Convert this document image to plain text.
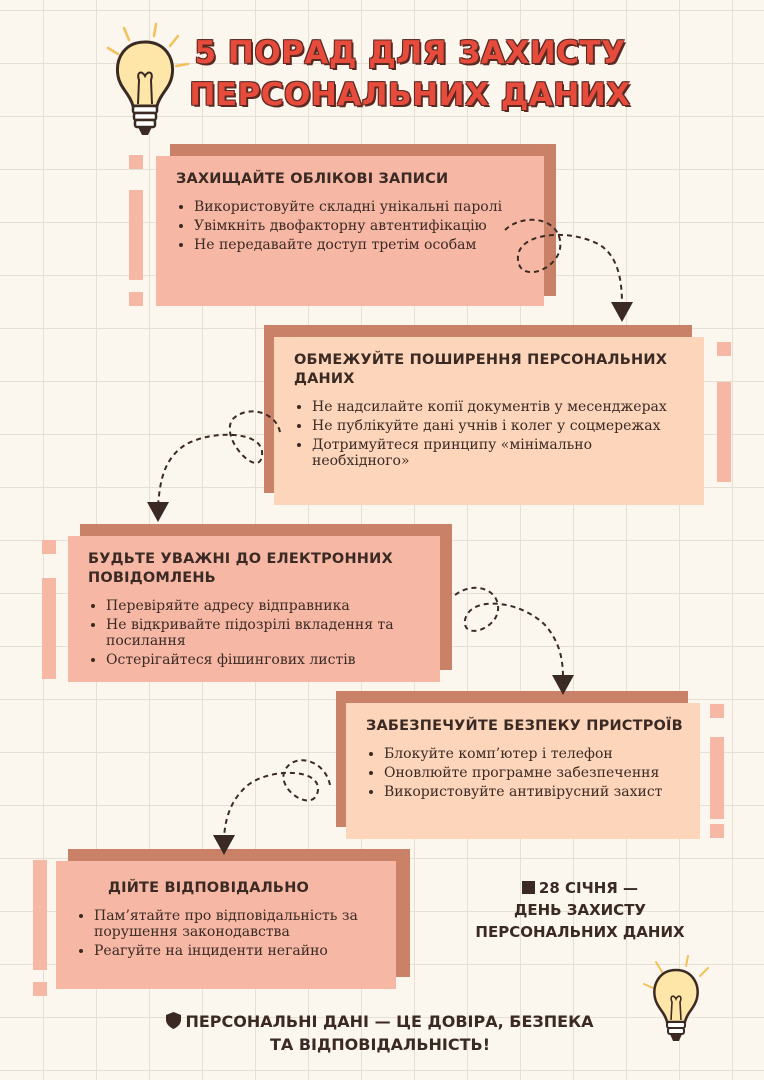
5 ПОРАД ДЛЯ ЗАХИСТУ
ПЕРСОНАЛЬНИХ ДАНИХ
ЗАХИЩАЙТЕ ОБЛІКОВІ ЗАПИСИ
• Використовуйте складні унікальні паролі
• Увімкніть двофакторну автентифікацію
• Не передавайте доступ третім особам
ОБМЕЖУЙТЕ ПОШИРЕННЯ ПЕРСОНАЛЬНИХ ДАНИХ
• Не надсилайте копії документів у месенджерах
• Не публікуйте дані учнів і колег у соцмережах
• Дотримуйтеся принципу «мінімально необхідного»
БУДЬТЕ УВАЖНІ ДО ЕЛЕКТРОННИХ ПОВІДОМЛЕНЬ
• Перевіряйте адресу відправника
• Не відкривайте підозрілі вкладення та посилання
• Остерігайтеся фішингових листів
ЗАБЕЗПЕЧУЙТЕ БЕЗПЕКУ ПРИСТРОЇВ
• Блокуйте комп’ютер і телефон
• Оновлюйте програмне забезпечення
• Використовуйте антивірусний захист
ДІЙТЕ ВІДПОВІДАЛЬНО
• Пам’ятайте про відповідальність за порушення законодавства
• Реагуйте на інциденти негайно
28 СІЧНЯ —
ДЕНЬ ЗАХИСТУ
ПЕРСОНАЛЬНИХ ДАНИХ
ПЕРСОНАЛЬНІ ДАНІ — ЦЕ ДОВІРА, БЕЗПЕКА
ТА ВІДПОВІДАЛЬНІСТЬ!
